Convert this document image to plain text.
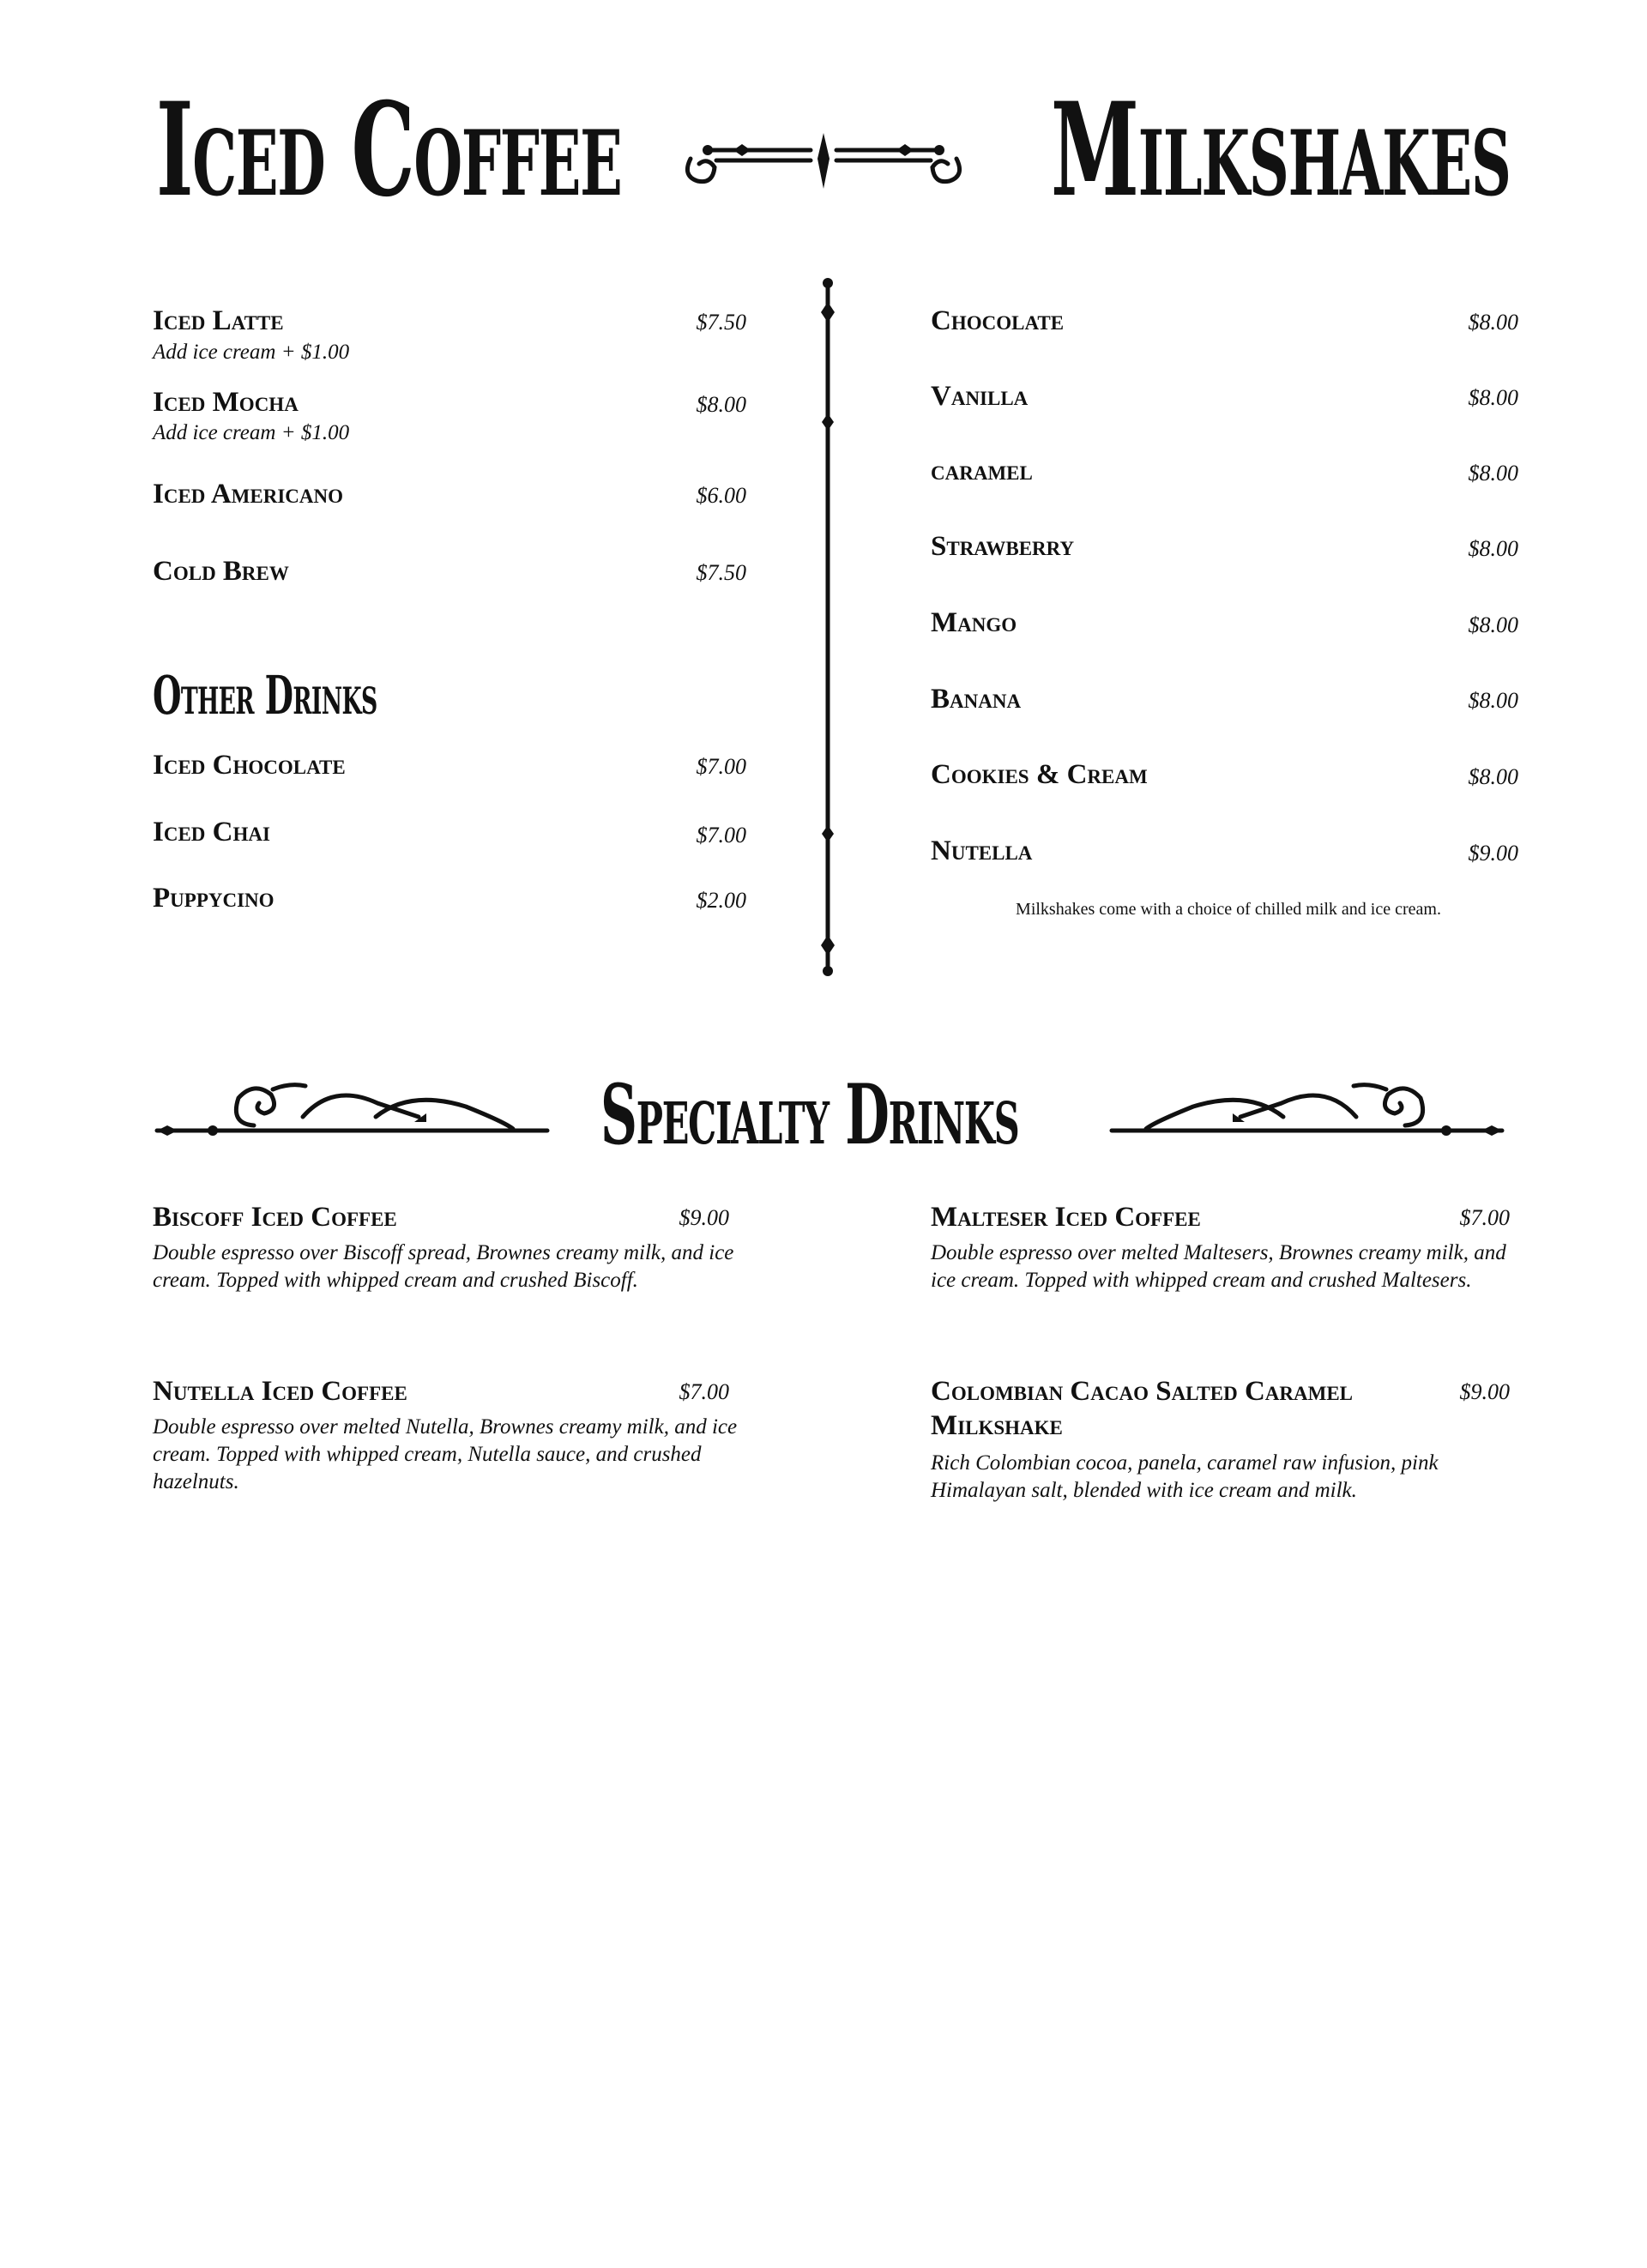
Iced Coffee	Milkshakes
Iced Latte	$7.50
Add ice cream + $1.00
Iced Mocha	$8.00
Add ice cream + $1.00
Iced Americano	$6.00
Cold Brew	$7.50
Other Drinks
Iced Chocolate	$7.00
Iced Chai	$7.00
Puppycino	$2.00
Chocolate	$8.00
Vanilla	$8.00
caramel	$8.00
Strawberry	$8.00
Mango	$8.00
Banana	$8.00
Cookies & Cream	$8.00
Nutella	$9.00
Milkshakes come with a choice of chilled milk and ice cream.
Specialty Drinks
Biscoff Iced Coffee	$9.00
Double espresso over Biscoff spread, Brownes creamy milk, and ice cream. Topped with whipped cream and crushed Biscoff.
Malteser Iced Coffee	$7.00
Double espresso over melted Maltesers, Brownes creamy milk, and ice cream. Topped with whipped cream and crushed Maltesers.
Nutella Iced Coffee	$7.00
Double espresso over melted Nutella, Brownes creamy milk, and ice cream. Topped with whipped cream, Nutella sauce, and crushed hazelnuts.
Colombian Cacao Salted Caramel Milkshake
$9.00
Rich Colombian cocoa, panela, caramel raw infusion, pink Himalayan salt, blended with ice cream and milk.
